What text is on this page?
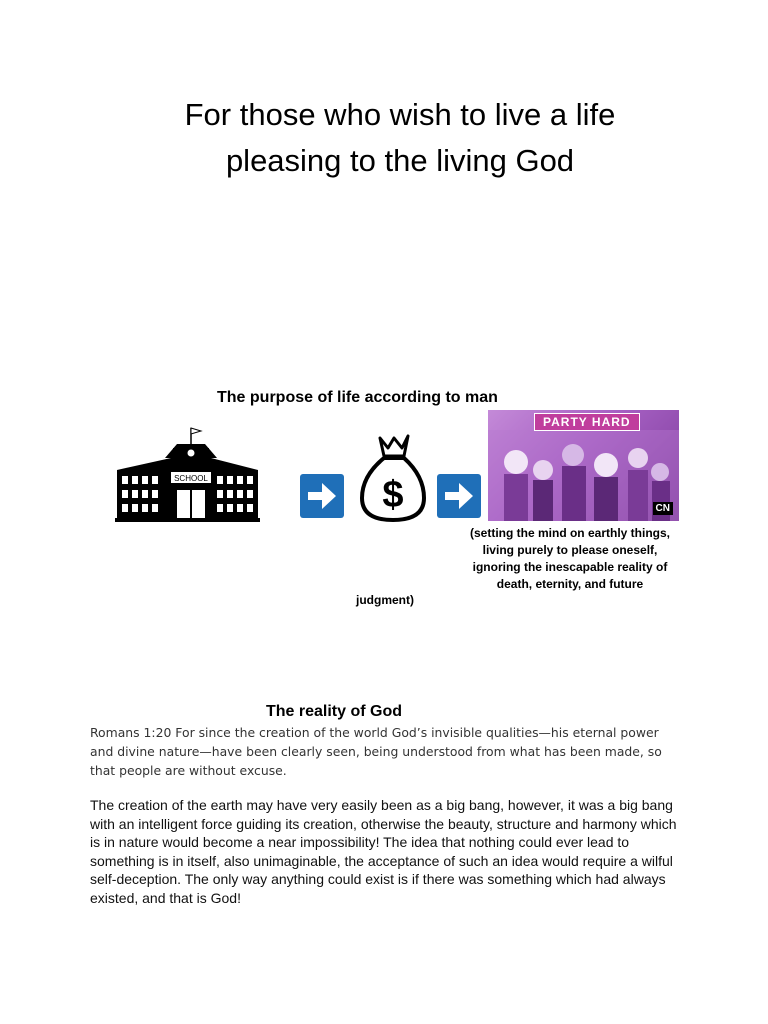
For those who wish to live a life pleasing to the living God
The purpose of life according to man
SCHOOL	$
PARTY HARD
CN
(setting the mind on earthly things, living purely to please oneself, ignoring the inescapable reality of death, eternity, and future
judgment)
The reality of God
Romans 1:20 For since the creation of the world God’s invisible qualities—his eternal power and divine nature—have been clearly seen, being understood from what has been made, so that people are without excuse.
The creation of the earth may have very easily been as a big bang, however, it was a big bang with an intelligent force guiding its creation, otherwise the beauty, structure and harmony which is in nature would become a near impossibility! The idea that nothing could ever lead to something is in itself, also unimaginable, the acceptance of such an idea would require a wilful self-deception. The only way anything could exist is if there was something which had always existed, and that is God!
